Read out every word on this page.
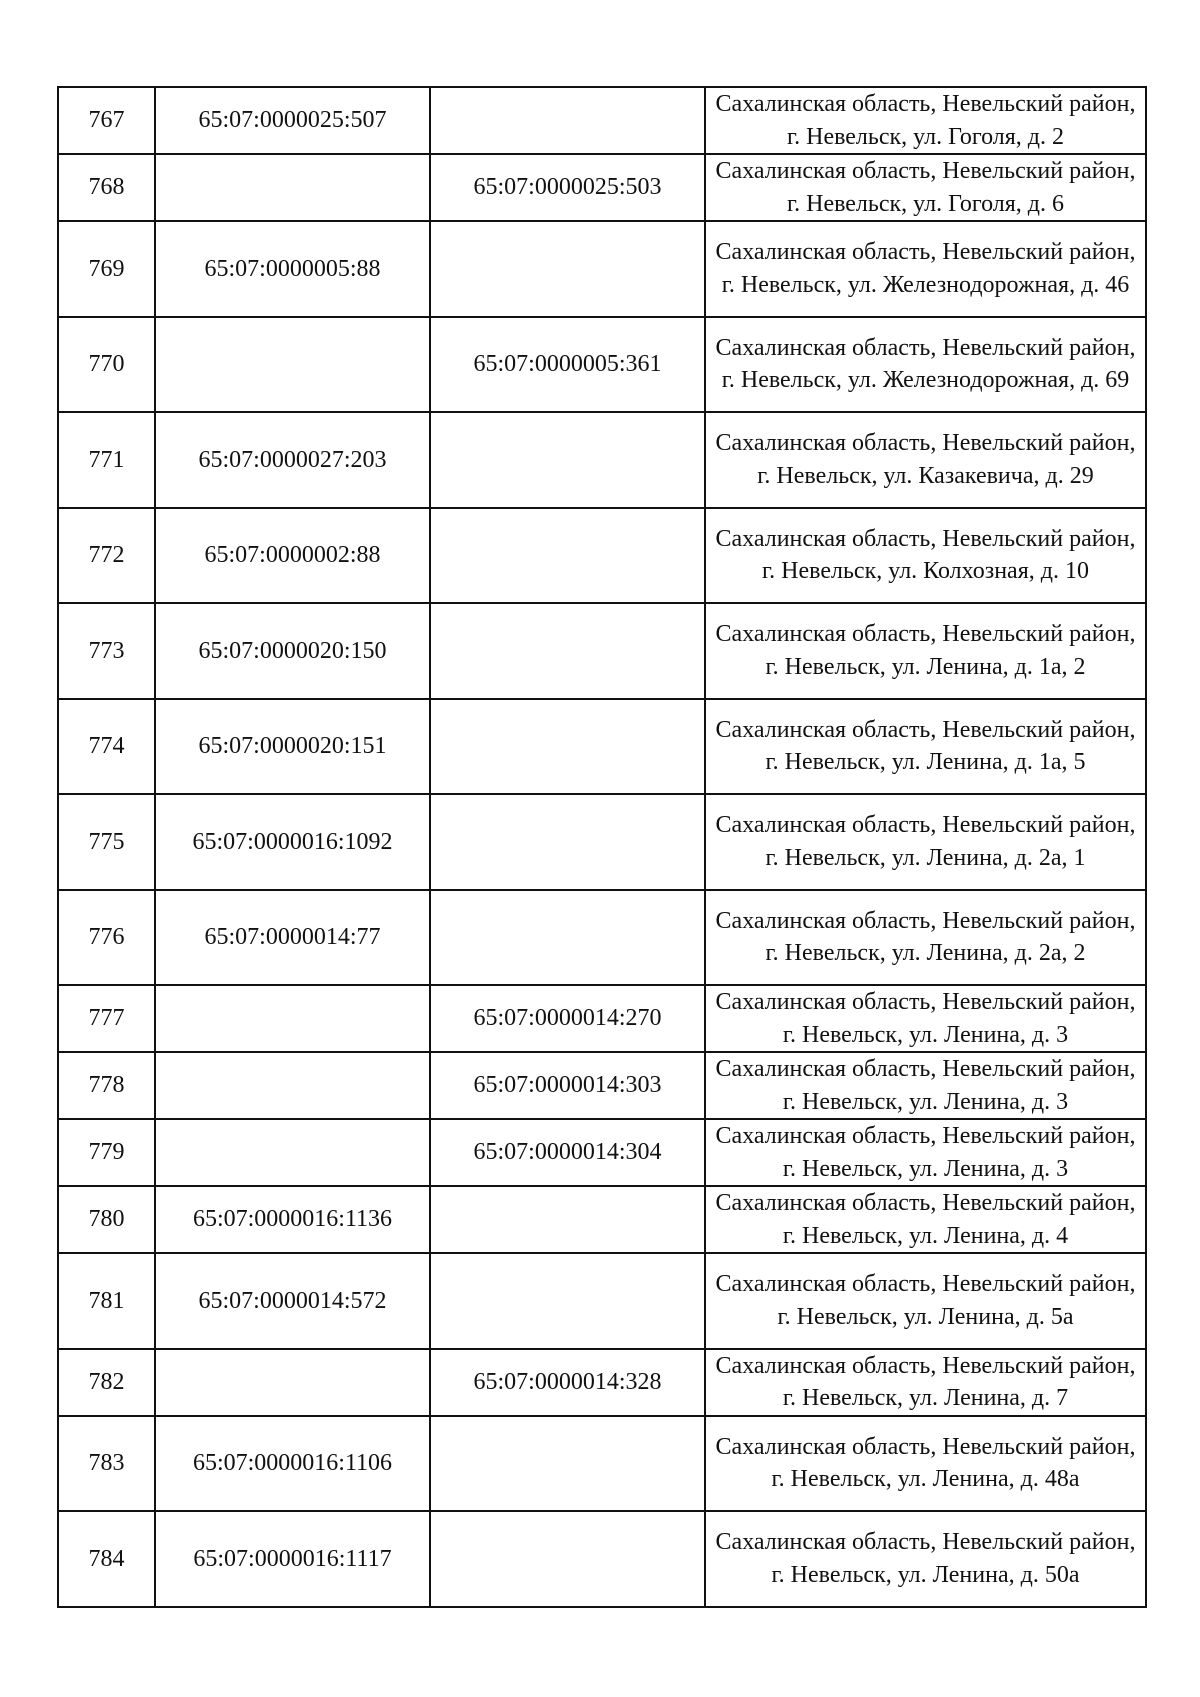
767	65:07:0000025:507		Сахалинская область, Невельский район, г. Невельск, ул. Гоголя, д. 2
768		65:07:0000025:503	Сахалинская область, Невельский район, г. Невельск, ул. Гоголя, д. 6
769	65:07:0000005:88		Сахалинская область, Невельский район, г. Невельск, ул. Железнодорожная, д. 46
770		65:07:0000005:361	Сахалинская область, Невельский район, г. Невельск, ул. Железнодорожная, д. 69
771	65:07:0000027:203		Сахалинская область, Невельский район, г. Невельск, ул. Казакевича, д. 29
772	65:07:0000002:88		Сахалинская область, Невельский район, г. Невельск, ул. Колхозная, д. 10
773	65:07:0000020:150		Сахалинская область, Невельский район, г. Невельск, ул. Ленина, д. 1а, 2
774	65:07:0000020:151		Сахалинская область, Невельский район, г. Невельск, ул. Ленина, д. 1а, 5
775	65:07:0000016:1092		Сахалинская область, Невельский район, г. Невельск, ул. Ленина, д. 2а, 1
776	65:07:0000014:77		Сахалинская область, Невельский район, г. Невельск, ул. Ленина, д. 2а, 2
777		65:07:0000014:270	Сахалинская область, Невельский район, г. Невельск, ул. Ленина, д. 3
778		65:07:0000014:303	Сахалинская область, Невельский район, г. Невельск, ул. Ленина, д. 3
779		65:07:0000014:304	Сахалинская область, Невельский район, г. Невельск, ул. Ленина, д. 3
780	65:07:0000016:1136		Сахалинская область, Невельский район, г. Невельск, ул. Ленина, д. 4
781	65:07:0000014:572		Сахалинская область, Невельский район, г. Невельск, ул. Ленина, д. 5а
782		65:07:0000014:328	Сахалинская область, Невельский район, г. Невельск, ул. Ленина, д. 7
783	65:07:0000016:1106		Сахалинская область, Невельский район, г. Невельск, ул. Ленина, д. 48а
784	65:07:0000016:1117		Сахалинская область, Невельский район, г. Невельск, ул. Ленина, д. 50а
